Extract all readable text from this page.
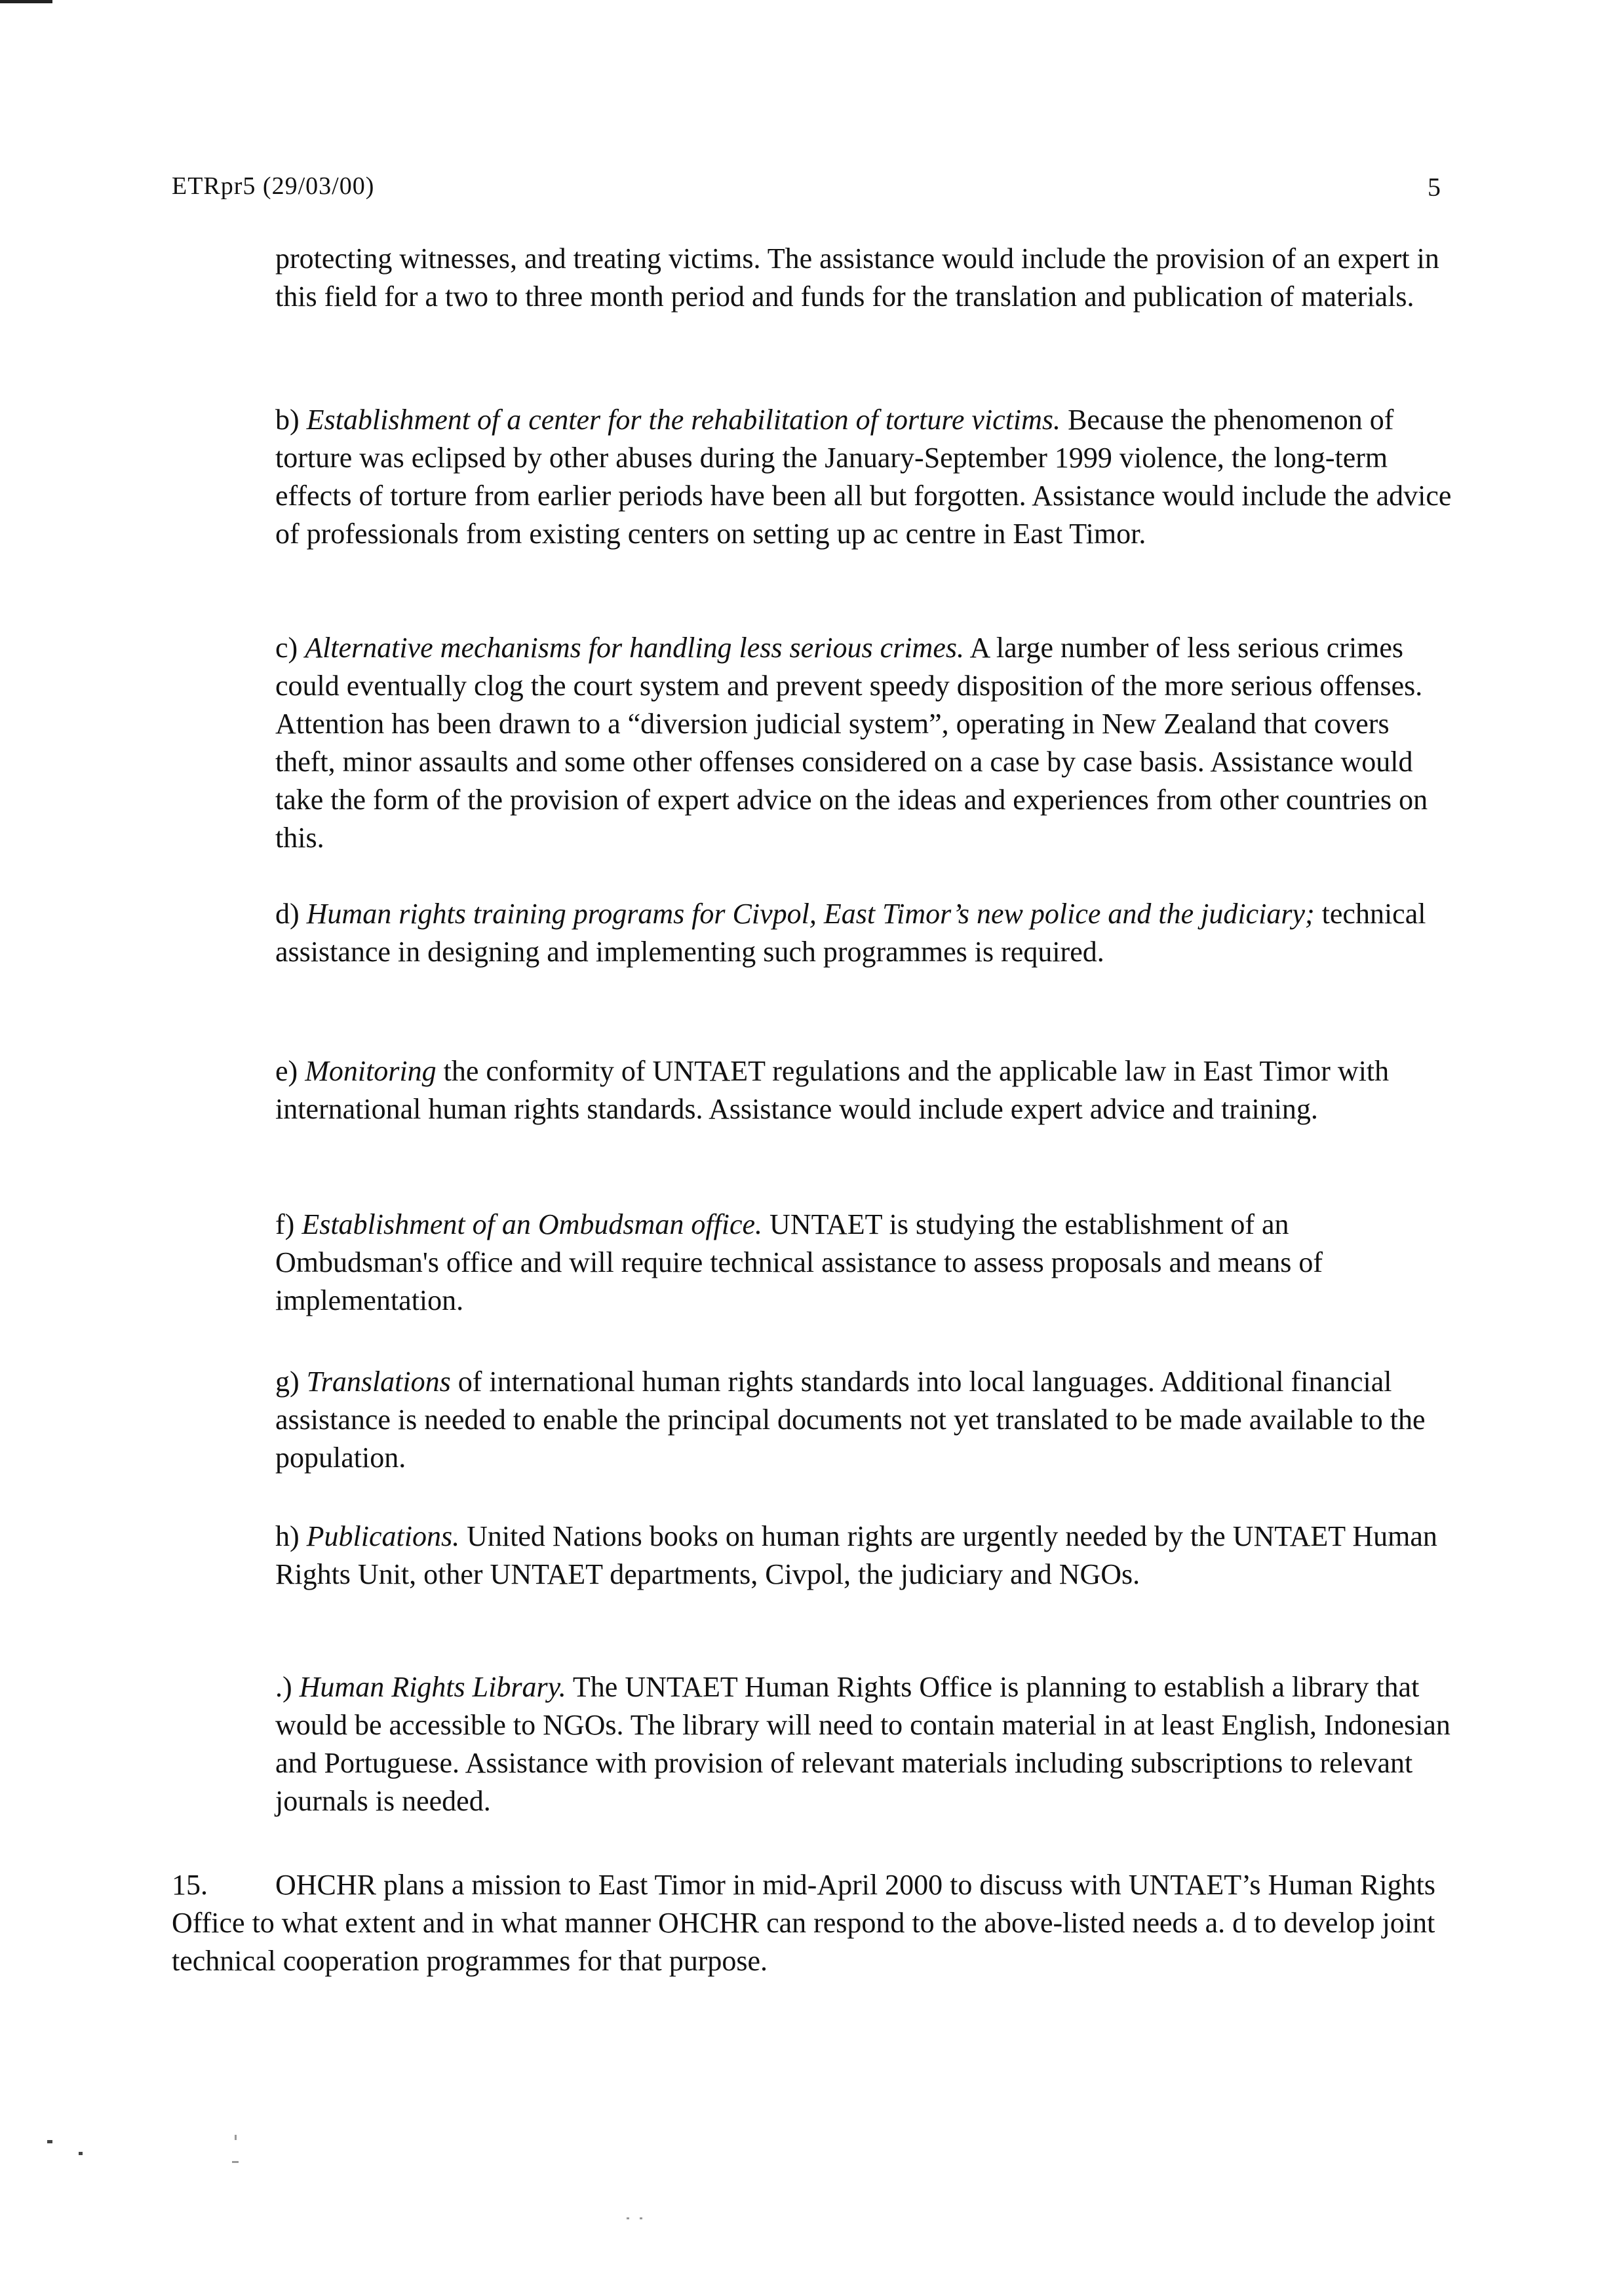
ETRpr5 (29/03/00)	5

protecting witnesses, and treating victims. The assistance would include the provision of an expert in this field for a two to three month period and funds for the translation and publication of materials.

b) Establishment of a center for the rehabilitation of torture victims. Because the phenomenon of torture was eclipsed by other abuses during the January-September 1999 violence, the long-term effects of torture from earlier periods have been all but forgotten. Assistance would include the advice of professionals from existing centers on setting up ac centre in East Timor.

c) Alternative mechanisms for handling less serious crimes. A large number of less serious crimes could eventually clog the court system and prevent speedy disposition of the more serious offenses. Attention has been drawn to a “diversion judicial system”, operating in New Zealand that covers theft, minor assaults and some other offenses considered on a case by case basis. Assistance would take the form of the provision of expert advice on the ideas and experiences from other countries on this.

d) Human rights training programs for Civpol, East Timor’s new police and the judiciary; technical assistance in designing and implementing such programmes is required.

e) Monitoring the conformity of UNTAET regulations and the applicable law in East Timor with international human rights standards. Assistance would include expert advice and training.

f) Establishment of an Ombudsman office. UNTAET is studying the establishment of an Ombudsman's office and will require technical assistance to assess proposals and means of implementation.

g) Translations of international human rights standards into local languages. Additional financial assistance is needed to enable the principal documents not yet translated to be made available to the population.

h) Publications. United Nations books on human rights are urgently needed by the UNTAET Human Rights Unit, other UNTAET departments, Civpol, the judiciary and NGOs.

.) Human Rights Library. The UNTAET Human Rights Office is planning to establish a library that would be accessible to NGOs. The library will need to contain material in at least English, Indonesian and Portuguese. Assistance with provision of relevant materials including subscriptions to relevant journals is needed.

15. OHCHR plans a mission to East Timor in mid-April 2000 to discuss with UNTAET’s Human Rights Office to what extent and in what manner OHCHR can respond to the above-listed needs a. d to develop joint technical cooperation programmes for that purpose.
